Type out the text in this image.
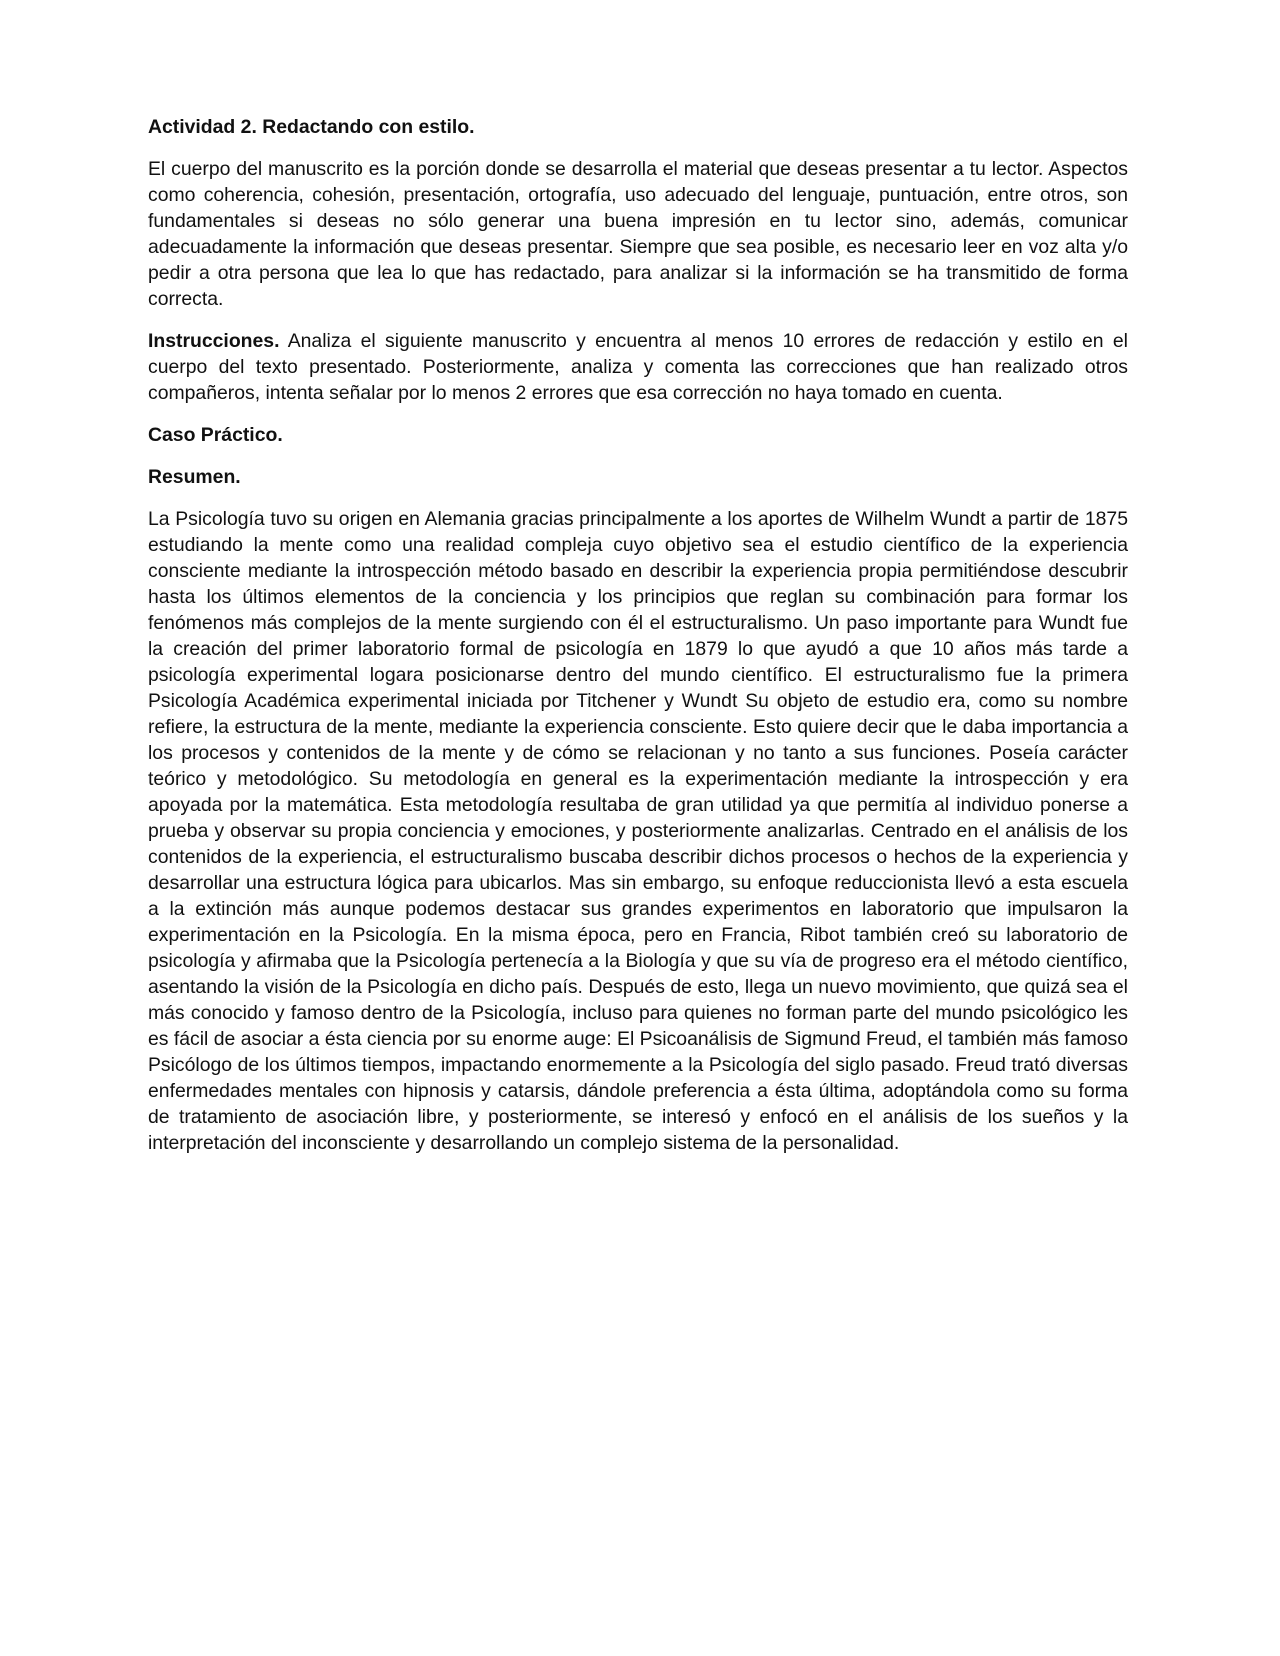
Actividad 2. Redactando con estilo.

El cuerpo del manuscrito es la porción donde se desarrolla el material que deseas presentar a tu lector. Aspectos como coherencia, cohesión, presentación, ortografía, uso adecuado del lenguaje, puntuación, entre otros, son fundamentales si deseas no sólo generar una buena impresión en tu lector sino, además, comunicar adecuadamente la información que deseas presentar. Siempre que sea posible, es necesario leer en voz alta y/o pedir a otra persona que lea lo que has redactado, para analizar si la información se ha transmitido de forma correcta.

Instrucciones. Analiza el siguiente manuscrito y encuentra al menos 10 errores de redacción y estilo en el cuerpo del texto presentado. Posteriormente, analiza y comenta las correcciones que han realizado otros compañeros, intenta señalar por lo menos 2 errores que esa corrección no haya tomado en cuenta.

Caso Práctico.

Resumen.

La Psicología tuvo su origen en Alemania gracias principalmente a los aportes de Wilhelm Wundt a partir de 1875 estudiando la mente como una realidad compleja cuyo objetivo sea el estudio científico de la experiencia consciente mediante la introspección método basado en describir la experiencia propia permitiéndose descubrir hasta los últimos elementos de la conciencia y los principios que reglan su combinación para formar los fenómenos más complejos de la mente surgiendo con él el estructuralismo. Un paso importante para Wundt fue la creación del primer laboratorio formal de psicología en 1879 lo que ayudó a que 10 años más tarde a psicología experimental logara posicionarse dentro del mundo científico. El estructuralismo fue la primera Psicología Académica experimental iniciada por Titchener y Wundt Su objeto de estudio era, como su nombre refiere, la estructura de la mente, mediante la experiencia consciente. Esto quiere decir que le daba importancia a los procesos y contenidos de la mente y de cómo se relacionan y no tanto a sus funciones. Poseía carácter teórico y metodológico. Su metodología en general es la experimentación mediante la introspección y era apoyada por la matemática. Esta metodología resultaba de gran utilidad ya que permitía al individuo ponerse a prueba y observar su propia conciencia y emociones, y posteriormente analizarlas. Centrado en el análisis de los contenidos de la experiencia, el estructuralismo buscaba describir dichos procesos o hechos de la experiencia y desarrollar una estructura lógica para ubicarlos. Mas sin embargo, su enfoque reduccionista llevó a esta escuela a la extinción más aunque podemos destacar sus grandes experimentos en laboratorio que impulsaron la experimentación en la Psicología. En la misma época, pero en Francia, Ribot también creó su laboratorio de psicología y afirmaba que la Psicología pertenecía a la Biología y que su vía de progreso era el método científico, asentando la visión de la Psicología en dicho país. Después de esto, llega un nuevo movimiento, que quizá sea el más conocido y famoso dentro de la Psicología, incluso para quienes no forman parte del mundo psicológico les es fácil de asociar a ésta ciencia por su enorme auge: El Psicoanálisis de Sigmund Freud, el también más famoso Psicólogo de los últimos tiempos, impactando enormemente a la Psicología del siglo pasado. Freud trató diversas enfermedades mentales con hipnosis y catarsis, dándole preferencia a ésta última, adoptándola como su forma de tratamiento de asociación libre, y posteriormente, se interesó y enfocó en el análisis de los sueños y la interpretación del inconsciente y desarrollando un complejo sistema de la personalidad.
